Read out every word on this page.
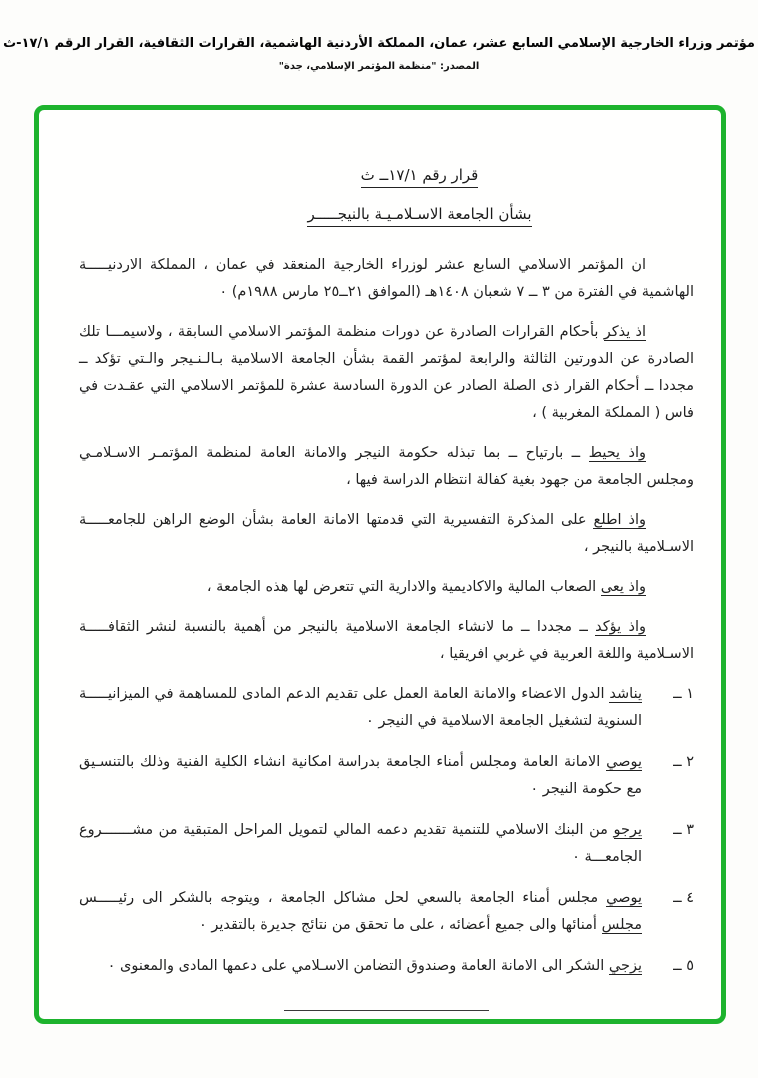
مؤتمر وزراء الخارجية الإسلامي السابع عشر، عمان، المملكة الأردنية الهاشمية، القرارات الثقافية، القرار الرقم ١٧/١-ث
المصدر: "منظمة المؤتمر الإسلامي، جدة"
قرار رقم ١٧/١ــ ث
بشأن الجامعة الاسـلامـيـة بالنيجـــــر
ان المؤتمر الاسلامي السابع عشر لوزراء الخارجية المنعقد في عمان ، المملكة الاردنيـــــة الهاشمية في الفترة من ٣ ــ ٧ شعبان ١٤٠٨هـ (الموافق ٢١ــ٢٥ مارس ١٩٨٨م) ٠
اذ يذكر بأحكام القرارات الصادرة عن دورات منظمة المؤتمر الاسلامي السابقة ، ولاسيمـــا تلك الصادرة عن الدورتين الثالثة والرابعة لمؤتمر القمة بشأن الجامعة الاسلامية بـالـنـيجر والـتي تؤكد ــ مجددا ــ أحكام القرار ذى الصلة الصادر عن الدورة السادسة عشرة للمؤتمر الاسلامي التي عقـدت في فاس ( المملكة المغربية ) ،
واذ يحيط ــ بارتياح ــ بما تبذله حكومة النيجر والامانة العامة لمنظمة المؤتمـر الاسـلامـي ومجلس الجامعة من جهود بغية كفالة انتظام الدراسة فيها ،
واذ اطلع على المذكرة التفسيرية التي قدمتها الامانة العامة بشأن الوضع الراهن للجامعـــــة الاسـلامية بالنيجر ،
واذ يعى الصعاب المالية والاكاديمية والادارية التي تتعرض لها هذه الجامعة ،
واذ يؤكد ــ مجددا ــ ما لانشاء الجامعة الاسلامية بالنيجر من أهمية بالنسبة لنشر الثقافـــــة الاسـلامية واللغة العربية في غربي افريقيا ،
١ ــ
يناشد الدول الاعضاء والامانة العامة العمل على تقديم الدعم المادى للمساهمة في الميزانيـــــة السنوية لتشغيل الجامعة الاسلامية في النيجر ٠
٢ ــ
يوصي الامانة العامة ومجلس أمناء الجامعة بدراسة امكانية انشاء الكلية الفنية وذلك بالتنسـيق مع حكومة النيجر ٠
٣ ــ
يرجو من البنك الاسلامي للتنمية تقديم دعمه المالي لتمويل المراحل المتبقية من مشـــــــروع الجامعـــة ٠
٤ ــ
يوصي مجلس أمناء الجامعة بالسعي لحل مشاكل الجامعة ، ويتوجه بالشكر الى رئيـــــس مجلس أمنائها والى جميع أعضائه ، على ما تحقق من نتائج جديرة بالتقدير ٠
٥ ــ
يزجي الشكر الى الامانة العامة وصندوق التضامن الاسـلامي على دعمها المادى والمعنوى ٠
